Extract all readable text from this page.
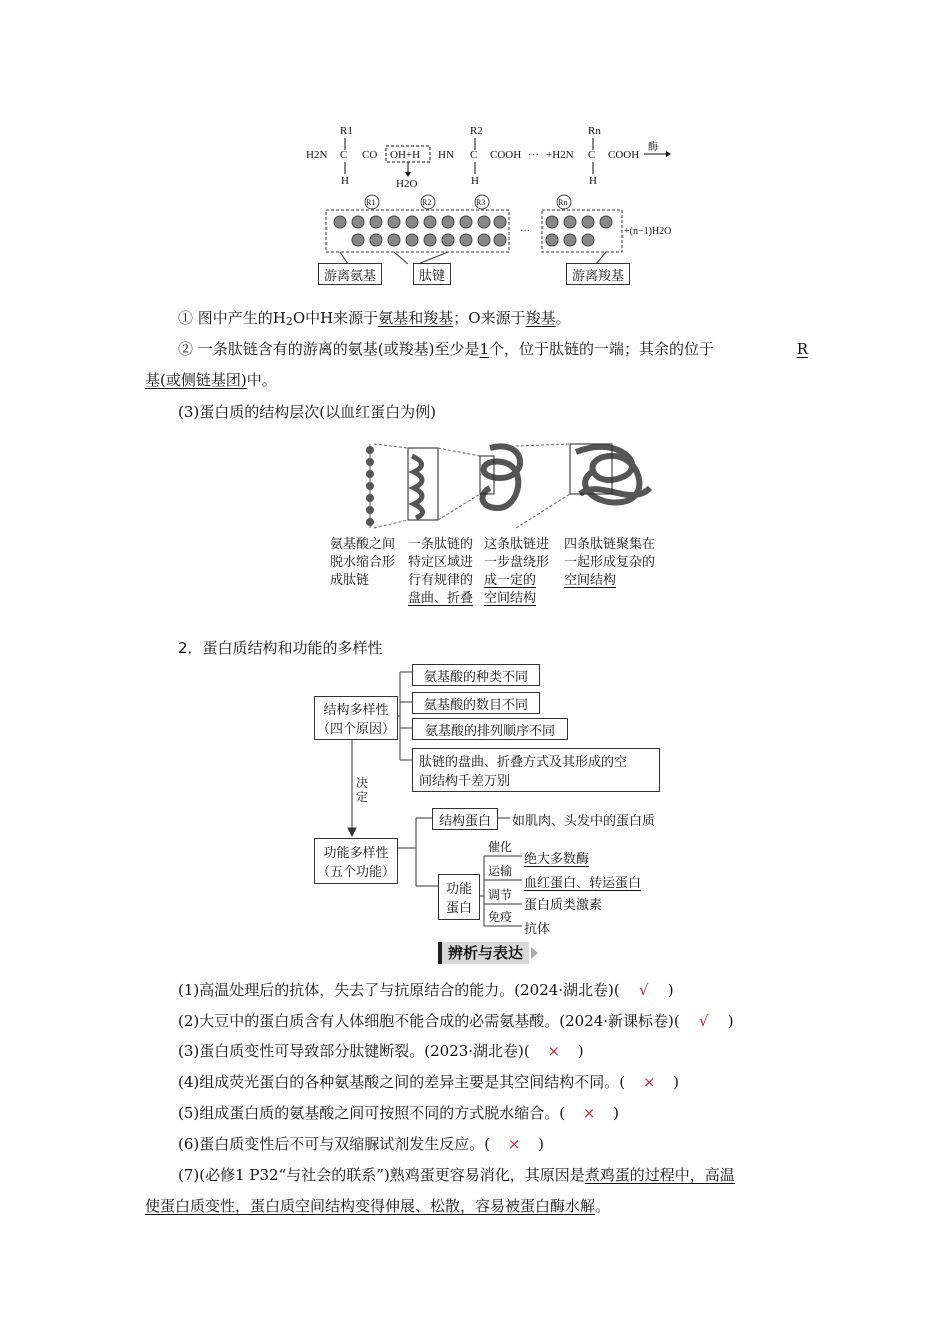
R1	R2	Rn
H2N C CO OH+H HN C COOH ··· +H2N C COOH
酶
H	H	H
H2O
R1	R2	R3	Rn
···	+(n−1)H2O
游离氨基	肽键	游离羧基
① 图中产生的H2O中H来源于氨基和羧基；O来源于羧基。
② 一条肽链含有的游离的氨基(或羧基)至少是1个，位于肽链的一端；其余的位于	R
基(或侧链基团)中。
(3)蛋白质的结构层次(以血红蛋白为例)
氨基酸之间
脱水缩合形
成肽链
一条肽链的
特定区域进
行有规律的
盘曲、折叠
这条肽链进
一步盘绕形
成一定的
空间结构
四条肽链聚集在
一起形成复杂的
空间结构
2．蛋白质结构和功能的多样性
结构多样性
（四个原因）
氨基酸的种类不同
氨基酸的数目不同
氨基酸的排列顺序不同
肽链的盘曲、折叠方式及其形成的空
间结构千差万别
决定
功能多样性
（五个功能）
结构蛋白	如肌肉、头发中的蛋白质
功能
蛋白
催化
绝大多数酶
运输
血红蛋白、转运蛋白
调节
蛋白质类激素
免疫
抗体
辨析与表达
(1)高温处理后的抗体，失去了与抗原结合的能力。(2024·湖北卷)( √ )
(2)大豆中的蛋白质含有人体细胞不能合成的必需氨基酸。(2024·新课标卷)( √ )
(3)蛋白质变性可导致部分肽键断裂。(2023·湖北卷)( × )
(4)组成荧光蛋白的各种氨基酸之间的差异主要是其空间结构不同。( × )
(5)组成蛋白质的氨基酸之间可按照不同的方式脱水缩合。( × )
(6)蛋白质变性后不可与双缩脲试剂发生反应。( × )
(7)(必修1 P32“与社会的联系”)熟鸡蛋更容易消化，其原因是煮鸡蛋的过程中，高温
使蛋白质变性，蛋白质空间结构变得伸展、松散，容易被蛋白酶水解。
